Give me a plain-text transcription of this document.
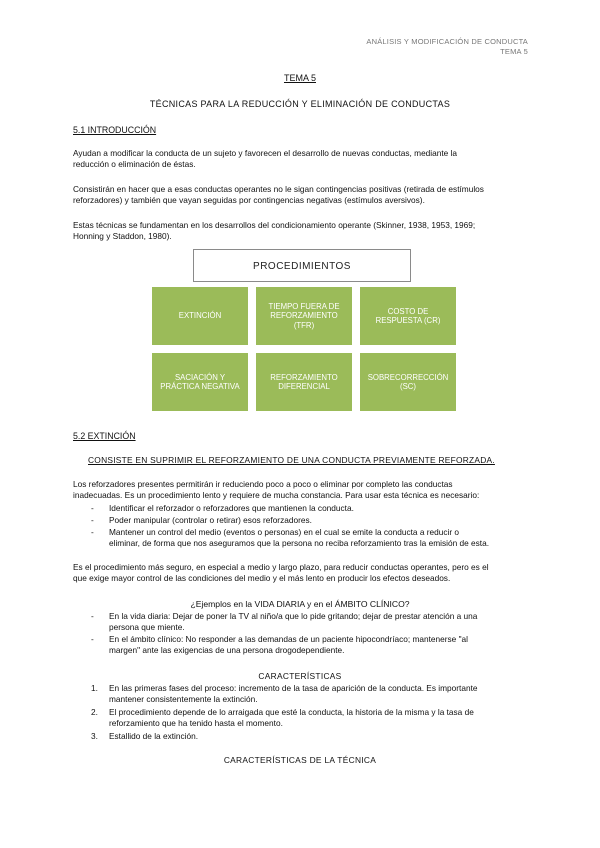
ANÁLISIS Y MODIFICACIÓN DE CONDUCTA
TEMA 5
TEMA 5
TÉCNICAS PARA LA REDUCCIÓN Y ELIMINACIÓN DE CONDUCTAS
5.1 INTRODUCCIÓN
Ayudan a modificar la conducta de un sujeto y favorecen el desarrollo de nuevas conductas, mediante la
reducción o eliminación de éstas.
Consistirán en hacer que a esas conductas operantes no le sigan contingencias positivas (retirada de estímulos
reforzadores) y también que vayan seguidas por contingencias negativas (estímulos aversivos).
Estas técnicas se fundamentan en los desarrollos del condicionamiento operante (Skinner, 1938, 1953, 1969;
Honning y Staddon, 1980).
PROCEDIMIENTOS
EXTINCIÓN
TIEMPO FUERA DE REFORZAMIENTO (TFR)
COSTO DE RESPUESTA (CR)
SACIACIÓN Y PRÁCTICA NEGATIVA
REFORZAMIENTO DIFERENCIAL
SOBRECORRECCIÓN (SC)
5.2 EXTINCIÓN
CONSISTE EN SUPRIMIR EL REFORZAMIENTO DE UNA CONDUCTA PREVIAMENTE REFORZADA.
Los reforzadores presentes permitirán ir reduciendo poco a poco o eliminar por completo las conductas
inadecuadas. Es un procedimiento lento y requiere de mucha constancia. Para usar esta técnica es necesario:
- Identificar el reforzador o reforzadores que mantienen la conducta.
- Poder manipular (controlar o retirar) esos reforzadores.
- Mantener un control del medio (eventos o personas) en el cual se emite la conducta a reducir o
eliminar, de forma que nos aseguramos que la persona no reciba reforzamiento tras la emisión de esta.
Es el procedimiento más seguro, en especial a medio y largo plazo, para reducir conductas operantes, pero es el
que exige mayor control de las condiciones del medio y el más lento en producir los efectos deseados.
¿Ejemplos en la VIDA DIARIA y en el ÁMBITO CLÍNICO?
- En la vida diaria: Dejar de poner la TV al niño/a que lo pide gritando; dejar de prestar atención a una
persona que miente.
- En el ámbito clínico: No responder a las demandas de un paciente hipocondríaco; mantenerse "al
margen" ante las exigencias de una persona drogodependiente.
CARACTERÍSTICAS
1. En las primeras fases del proceso: incremento de la tasa de aparición de la conducta. Es importante
mantener consistentemente la extinción.
2. El procedimiento depende de lo arraigada que esté la conducta, la historia de la misma y la tasa de
reforzamiento que ha tenido hasta el momento.
3. Estallido de la extinción.
CARACTERÍSTICAS DE LA TÉCNICA
